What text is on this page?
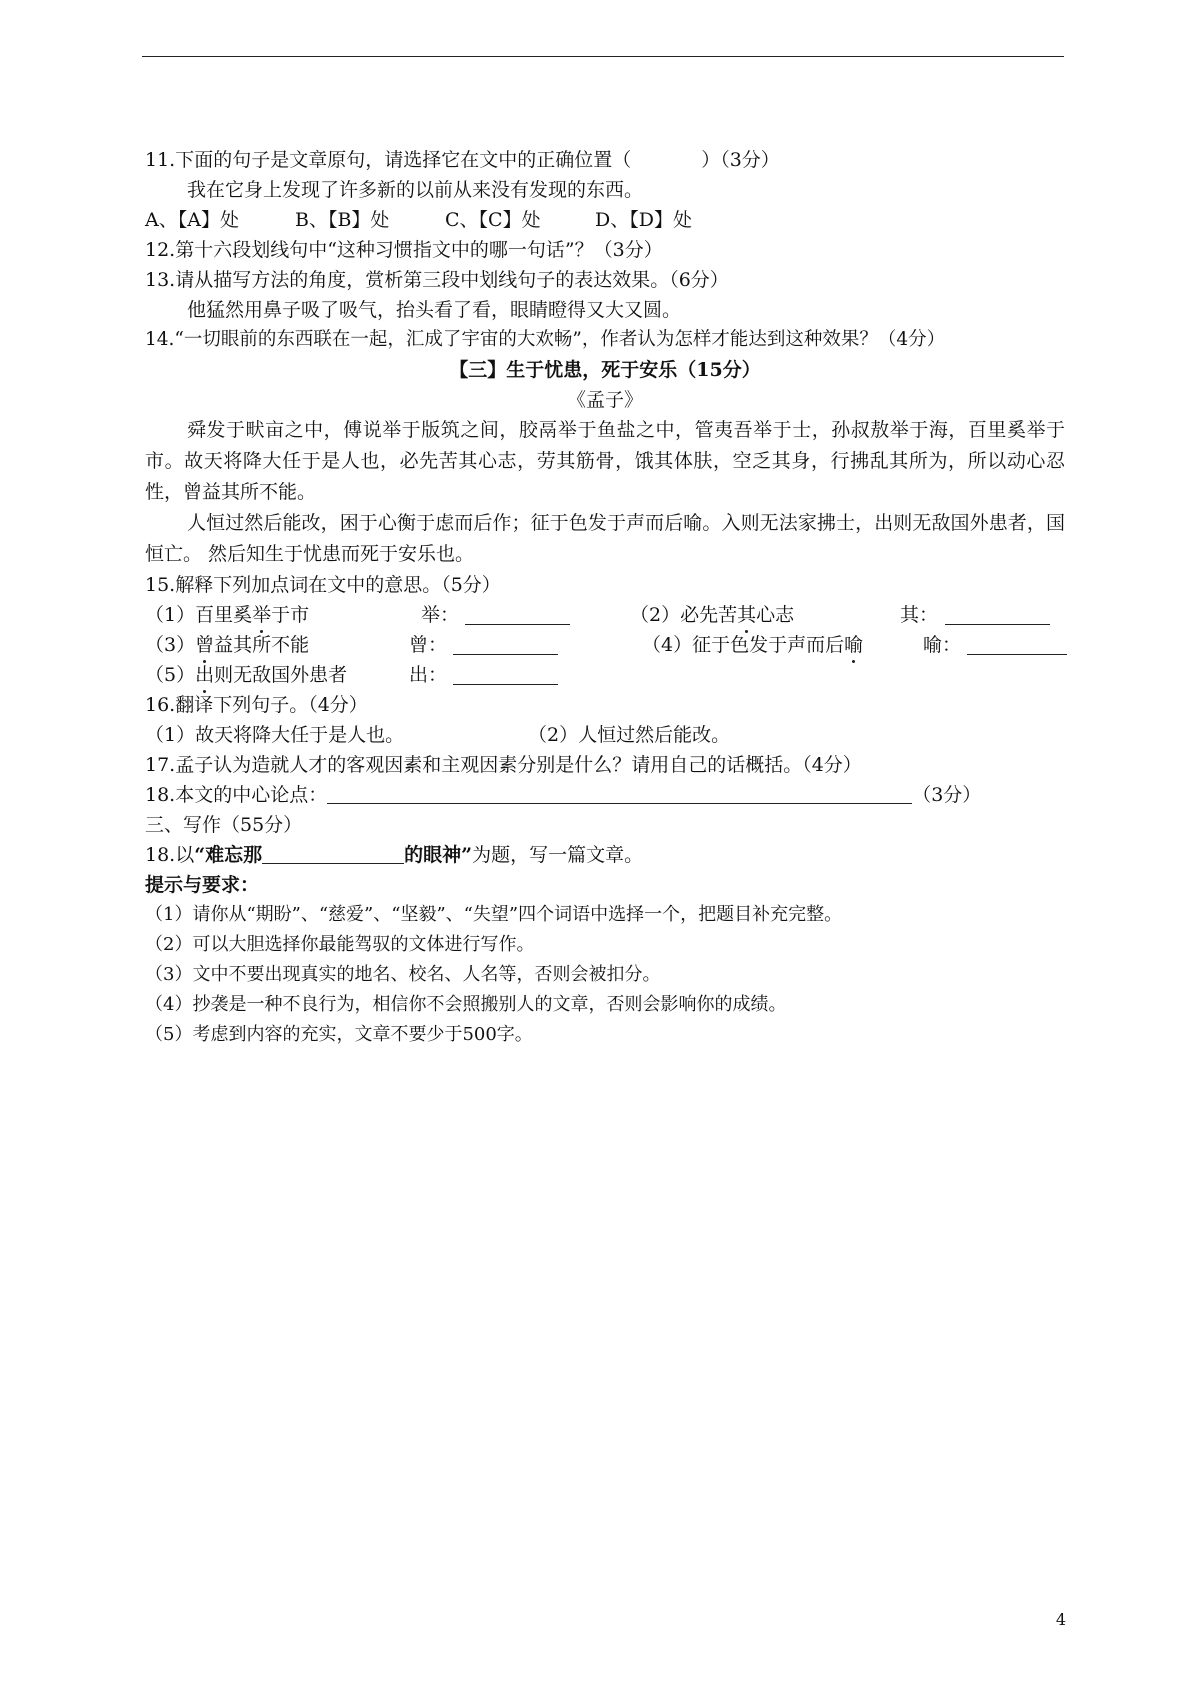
11.下面的句子是文章原句，请选择它在文中的正确位置（	）（3分）
我在它身上发现了许多新的以前从来没有发现的东西。
A、【A】处	B、【B】处	C、【C】处	D、【D】处
12.第十六段划线句中“这种习惯指文中的哪一句话”？（3分）
13.请从描写方法的角度，赏析第三段中划线句子的表达效果。（6分）
他猛然用鼻子吸了吸气，抬头看了看，眼睛瞪得又大又圆。
14.“一切眼前的东西联在一起，汇成了宇宙的大欢畅”，作者认为怎样才能达到这种效果？（4分）
【三】生于忧患，死于安乐（15分）
《孟子》

舜发于畎亩之中，傅说举于版筑之间，胶鬲举于鱼盐之中，管夷吾举于士，孙叔敖举于海，百里奚举于市。故天将降大任于是人也，必先苦其心志，劳其筋骨，饿其体肤，空乏其身，行拂乱其所为，所以动心忍性，曾益其所不能。

人恒过然后能改，困于心衡于虑而后作；征于色发于声而后喻。入则无法家拂士，出则无敌国外患者，国恒亡。 然后知生于忧患而死于安乐也。

15.解释下列加点词在文中的意思。（5分）
（1）百里奚举于市	举：	（2）必先苦其心志	其：
（3）曾益其所不能	曾：	（4）征于色发于声而后喻	喻：
（5）出则无敌国外患者	出：
16.翻译下列句子。（4分）
（1）故天将降大任于是人也。	（2）人恒过然后能改。
17.孟子认为造就人才的客观因素和主观因素分别是什么？请用自己的话概括。（4分）
18.本文的中心论点：	（3分）
三、写作（55分）
18.以“难忘那	的眼神”为题，写一篇文章。
提示与要求：
（1）请你从“期盼”、“慈爱”、“坚毅”、“失望”四个词语中选择一个，把题目补充完整。
（2）可以大胆选择你最能驾驭的文体进行写作。
（3）文中不要出现真实的地名、校名、人名等，否则会被扣分。
（4）抄袭是一种不良行为，相信你不会照搬别人的文章，否则会影响你的成绩。
（5）考虑到内容的充实，文章不要少于500字。
4
